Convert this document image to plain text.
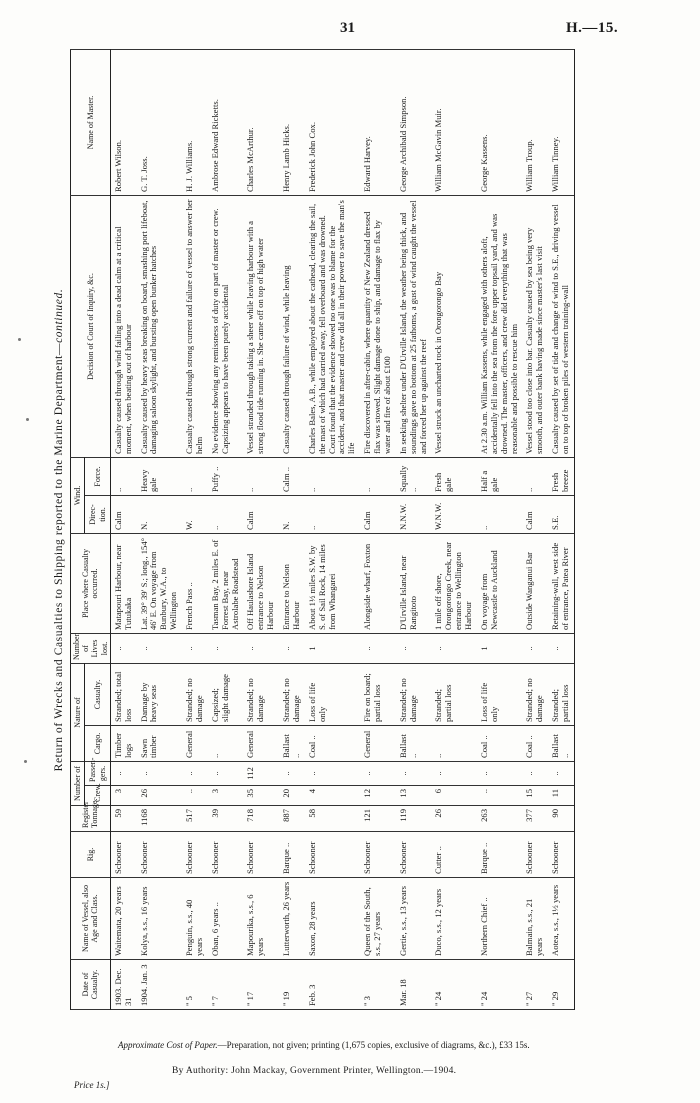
31	H.—15.
Return of Wrecks and Casualties to Shipping reported to the Marine Department—continued.
Date of Casualty.	Name of Vessel, also Age and Class.	Rig.	Register Tonnage.	Number of		Nature of		Number of Lives lost.	Place where Casualty occurred.	Wind.		Decision of Court of Inquiry, &c.	Name of Master.
				Crew.	Passen-gers.	Cargo.	Casualty.			Direc-tion.	Force.		
1903. Dec. 31	Waitemata, 20 years	Schooner	59	3	..	Timber logs	Stranded; total loss	..	Matapouri Harbour, near Tutukaka	Calm	..	Casualty caused through wind failing into a dead calm at a critical moment, when beating out of harbour	Robert Wilson.
1904. Jan. 3	Kolya, s.s., 16 years	Schooner	1168	26	..	Sawn timber	Damage by heavy seas	..	Lat. 39° 39′ S.; long., 154° 46′ E. On voyage from Bunbury, W.A., to Wellington	N.	Heavy gale	Casualty caused by heavy seas breaking on board, smashing port lifeboat, damaging saloon skylight, and bursting open bunker hatches	G. T. Joss.
" 5	Penguin, s.s., 40 years	Schooner	517	..	..	General	Stranded; no damage	..	French Pass ..	W.	..	Casualty caused through strong current and failure of vessel to answer her helm	H. J. Williams.
" 7	Oban, 6 years ..	Schooner	39	3	..	..	Capsized; slight damage	..	Tasman Bay, 2 miles E. of Forrest Bay, near Astrolabe Roadstead	..	Puffy ..	No evidence showing any remissness of duty on part of master or crew. Capsizing appears to have been purely accidental	Ambrose Edward Ricketts.
" 17	Mapourika, s.s., 6 years	Schooner	718	35	112	General	Stranded; no damage	..	Off Haulashore Island entrance to Nelson Harbour	Calm	..	Vessel stranded through taking a sheer while leaving harbour with a strong flood tide running in. She came off on top of high water	Charles McArthur.
" 19	Lutterworth, 26 years	Barque ..	887	20	..	Ballast ..	Stranded; no damage	..	Entrance to Nelson Harbour	N.	Calm ..	Casualty caused through failure of wind, while leaving	Henry Lamb Hicks.
Feb. 3	Saxon, 28 years	Schooner	58	4	..	Coal ..	Loss of life only	1	About 1½ miles S.W. by S. of Sail Rock, 14 miles from Whangarei	..	..	Charles Bales, A.B., while employed about the cathead, clearing the sail, the mast of which had carried away, fell overboard and was drowned. Court found that the evidence showed no one was to blame for the accident, and that master and crew did all in their power to save the man's life	Frederick John Cox.
" 3	Queen of the South, s.s., 27 years	Schooner	121	12	..	General	Fire on board; partial loss	..	Alongside wharf, Foxton	Calm	..	Fire discovered in after-cabin, where quantity of New Zealand dressed flax was stowed. Slight damage done to ship, and damage to flax by water and fire of about £100	Edward Harvey.
Mar. 18	Gertie, s.s., 13 years	Schooner	119	13	..	Ballast ..	Stranded; no damage	..	D'Urville Island, near Rangitoto	N.N.W.	Squally ..	In seeking shelter under D'Urville Island, the weather being thick, and soundings gave no bottom at 25 fathoms, a gust of wind caught the vessel and forced her up against the reef	George Archibald Simpson.
" 24	Duco, s.s., 12 years	Cutter ..	26	6	..	..	Stranded; partial loss	..	1 mile off shore, Orongorongo Creek, near entrance to Wellington Harbour	W.N.W.	Fresh gale	Vessel struck an uncharted rock in Orongorongo Bay	William McGavin Muir.
" 24	Northern Chief ..	Barque ..	263	..	..	Coal ..	Loss of life only	1	On voyage from Newcastle to Auckland	..	Half a gale	At 2.30 a.m. William Kassens, while engaged with others aloft, accidentally fell into the sea from the fore upper topsail yard, and was drowned. The master, officers, and crew did everything that was reasonable and possible to rescue him	George Kassens.
" 27	Balmain, s.s., 21 years	Schooner	377	15	..	Coal ..	Stranded; no damage	..	Outside Wanganui Bar	Calm	..	Vessel stood too close into bar. Casualty caused by sea being very smooth, and outer bank having made since master's last visit	William Troup.
" 29	Aotea, s.s., 1½ years	Schooner	90	11	..	Ballast ..	Stranded; partial loss	..	Retaining-wall, west side of entrance, Patea River	S.E.	Fresh breeze	Casualty caused by set of tide and change of wind to S.E., driving vessel on to top of broken piles of western training-wall	William Tinney.
Approximate Cost of Paper.—Preparation, not given; printing (1,675 copies, exclusive of diagrams, &c.), £33 15s.
By Authority: John Mackay, Government Printer, Wellington.—1904.
Price 1s.]
